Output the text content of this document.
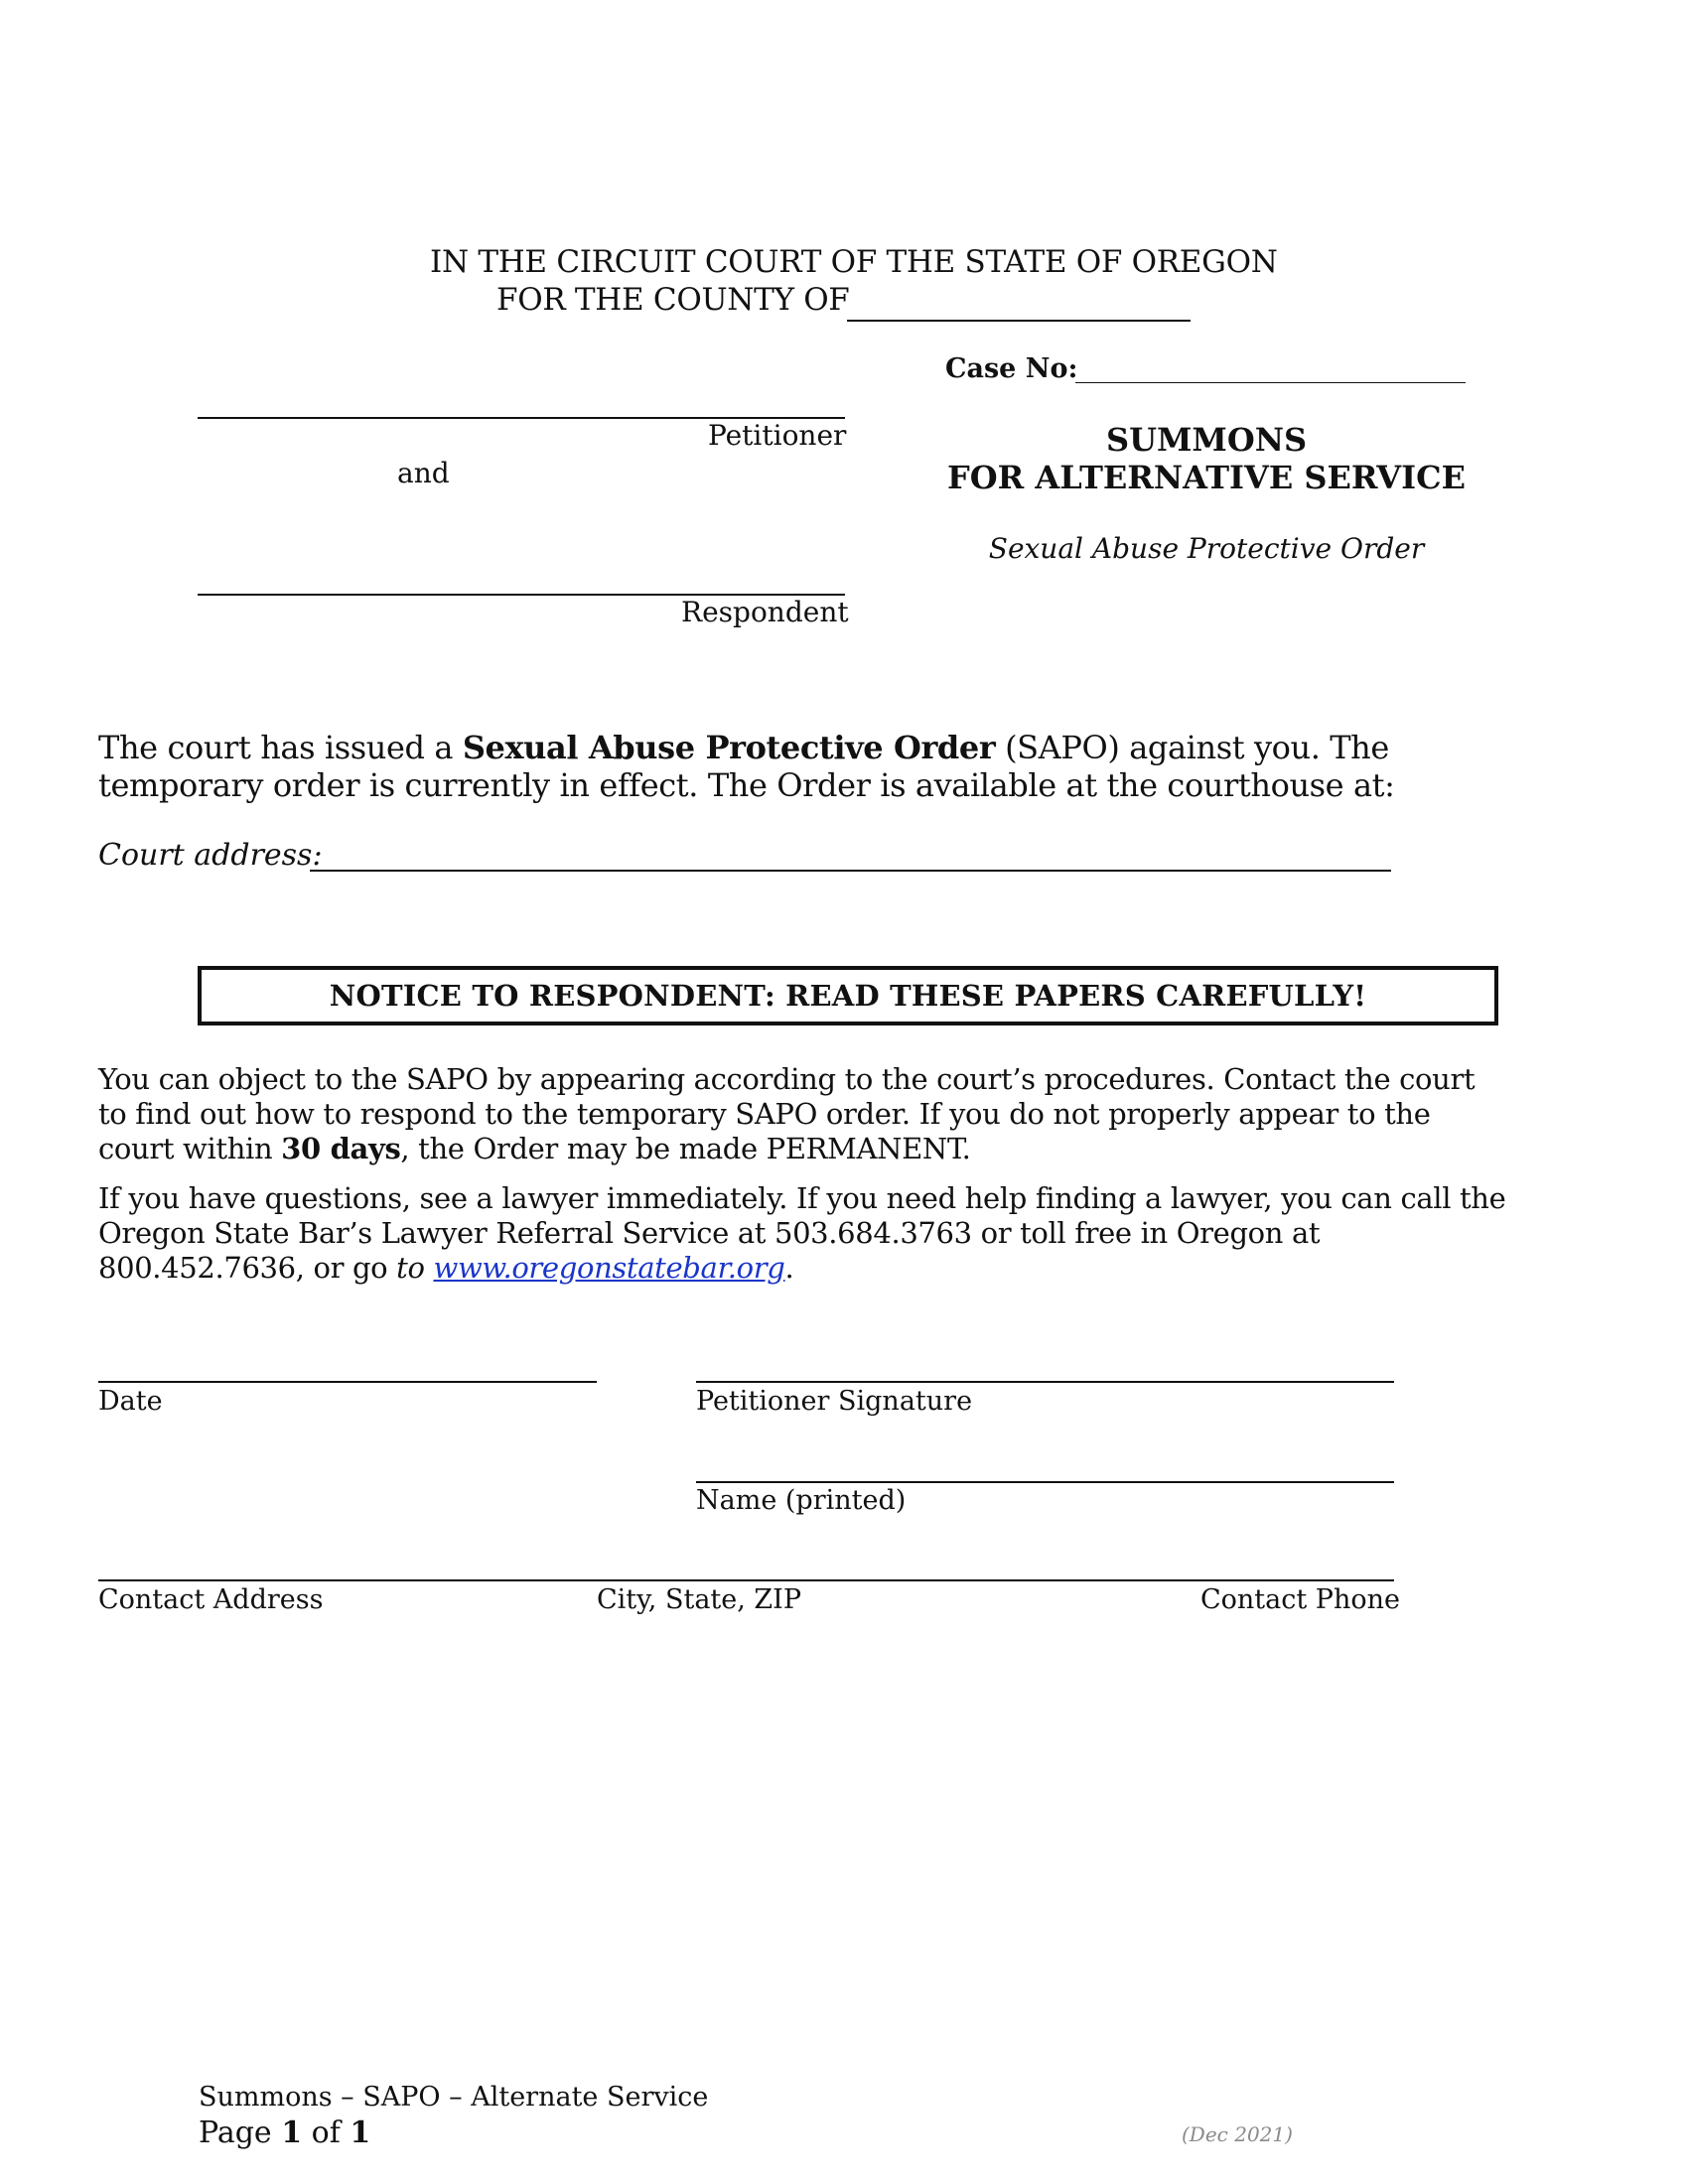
IN THE CIRCUIT COURT OF THE STATE OF OREGON
FOR THE COUNTY OF
Case No:
Petitioner
and
Respondent
SUMMONS
FOR ALTERNATIVE SERVICE
Sexual Abuse Protective Order
The court has issued a Sexual Abuse Protective Order (SAPO) against you. The temporary order is currently in effect. The Order is available at the courthouse at:
Court address:
NOTICE TO RESPONDENT: READ THESE PAPERS CAREFULLY!
You can object to the SAPO by appearing according to the court’s procedures. Contact the court to find out how to respond to the temporary SAPO order. If you do not properly appear to the court within 30 days, the Order may be made PERMANENT.
If you have questions, see a lawyer immediately. If you need help finding a lawyer, you can call the Oregon State Bar’s Lawyer Referral Service at 503.684.3763 or toll free in Oregon at 800.452.7636, or go to www.oregonstatebar.org.
Date	Petitioner Signature
Name (printed)
Contact Address	City, State, ZIP	Contact Phone
Summons – SAPO – Alternate Service
Page 1 of 1	(Dec 2021)
